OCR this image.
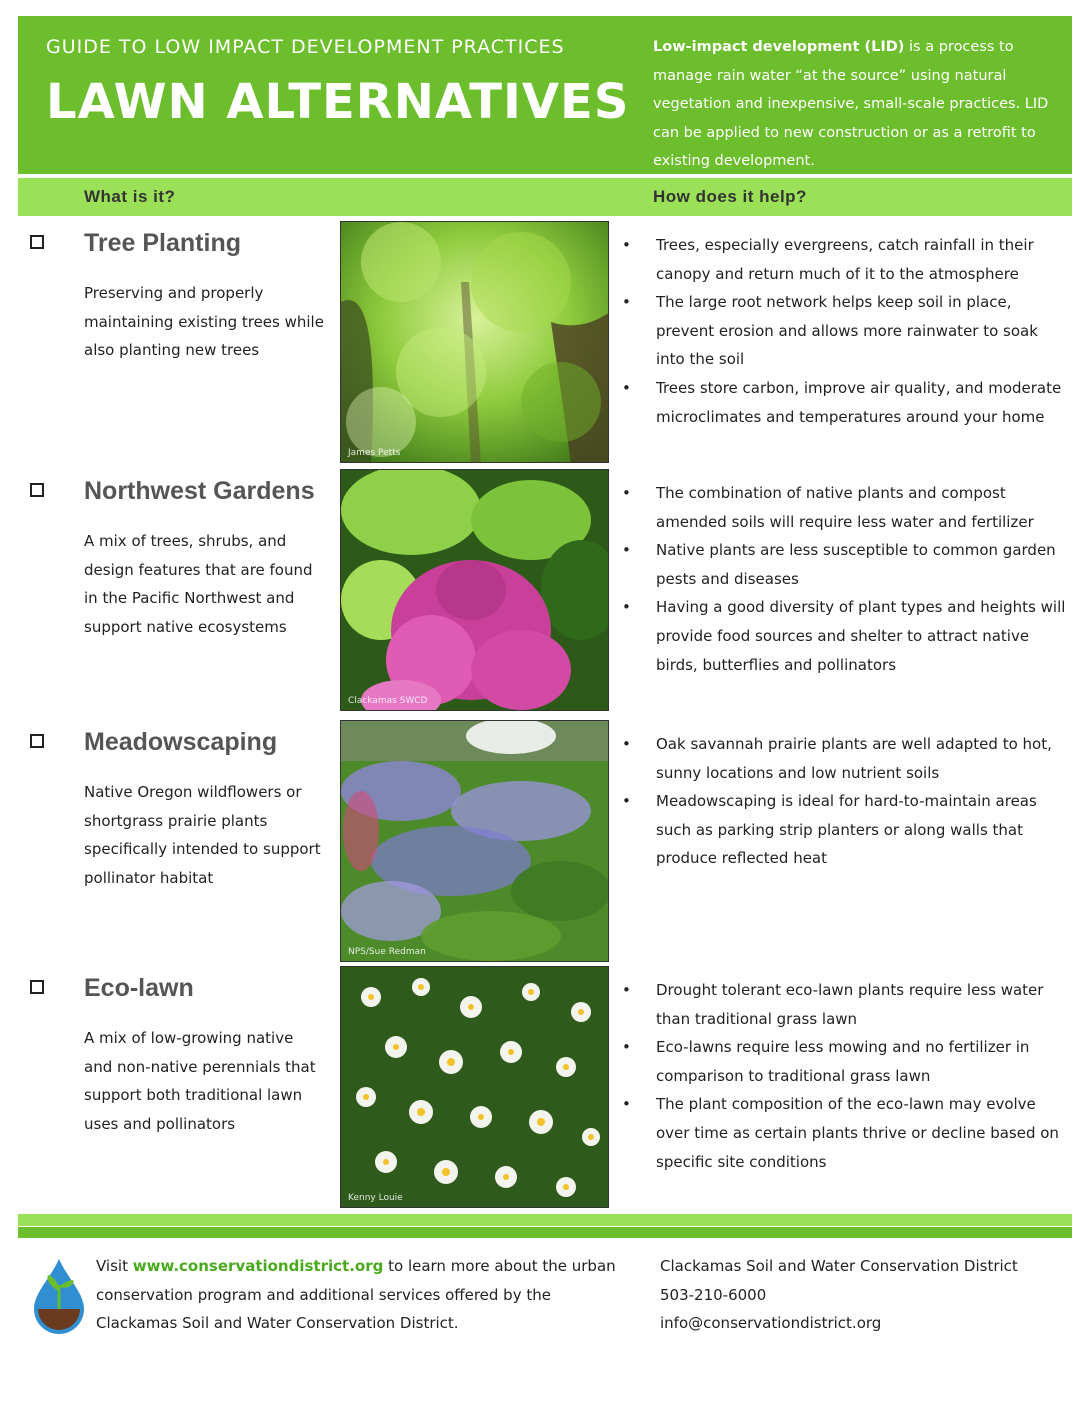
GUIDE TO LOW IMPACT DEVELOPMENT PRACTICES
LAWN ALTERNATIVES
Low-impact development (LID) is a process to manage rain water “at the source” using natural vegetation and inexpensive, small-scale practices. LID can be applied to new construction or as a retrofit to existing development.
What is it?	How does it help?
Tree Planting
Preserving and properly maintaining existing trees while also planting new trees
James Petts
• Trees, especially evergreens, catch rainfall in their canopy and return much of it to the atmosphere
• The large root network helps keep soil in place, prevent erosion and allows more rainwater to soak into the soil
• Trees store carbon, improve air quality, and moderate microclimates and temperatures around your home
Northwest Gardens
A mix of trees, shrubs, and design features that are found in the Pacific Northwest and support native ecosystems
Clackamas SWCD
• The combination of native plants and compost amended soils will require less water and fertilizer
• Native plants are less susceptible to common garden pests and diseases
• Having a good diversity of plant types and heights will provide food sources and shelter to attract native birds, butterflies and pollinators
Meadowscaping
Native Oregon wildflowers or shortgrass prairie plants specifically intended to support pollinator habitat
NPS/Sue Redman
• Oak savannah prairie plants are well adapted to hot, sunny locations and low nutrient soils
• Meadowscaping is ideal for hard-to-maintain areas such as parking strip planters or along walls that produce reflected heat
Eco-lawn
A mix of low-growing native and non-native perennials that support both traditional lawn uses and pollinators
Kenny Louie
• Drought tolerant eco-lawn plants require less water than traditional grass lawn
• Eco-lawns require less mowing and no fertilizer in comparison to traditional grass lawn
• The plant composition of the eco-lawn may evolve over time as certain plants thrive or decline based on specific site conditions
Visit www.conservationdistrict.org to learn more about the urban conservation program and additional services offered by the Clackamas Soil and Water Conservation District.
Clackamas Soil and Water Conservation District
503-210-6000
info@conservationdistrict.org
